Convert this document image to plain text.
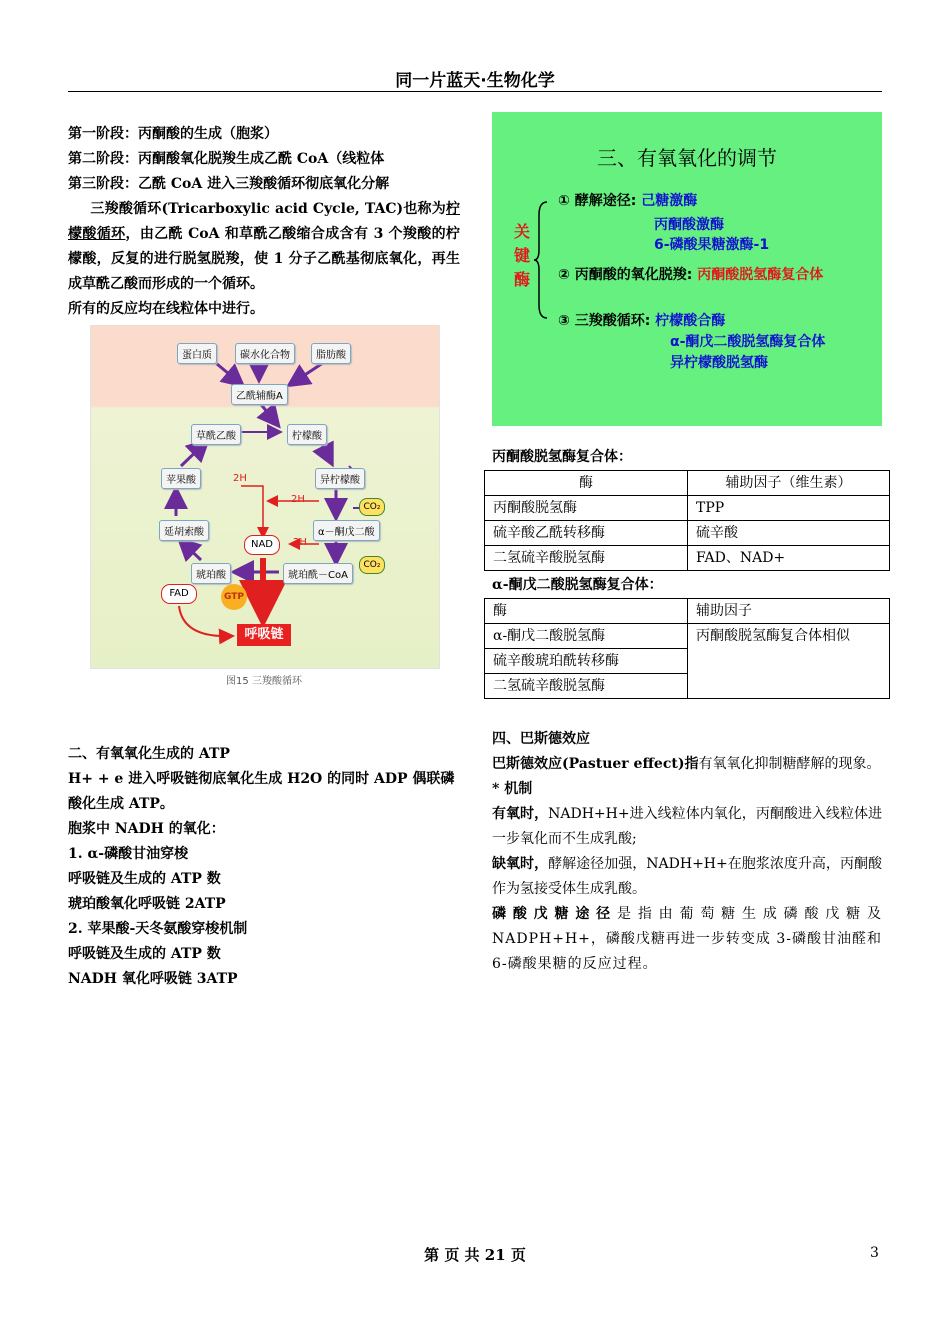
同一片蓝天·生物化学

第一阶段：丙酮酸的生成（胞浆）

第二阶段：丙酮酸氧化脱羧生成乙酰 CoA（线粒体

第三阶段：乙酰 CoA 进入三羧酸循环彻底氧化分解

三羧酸循环(Tricarboxylic acid Cycle, TAC)也称为柠檬酸循环，由乙酰 CoA 和草酰乙酸缩合成含有 3 个羧酸的柠檬酸，反复的进行脱氢脱羧，使 1 分子乙酰基彻底氧化，再生成草酰乙酸而形成的一个循环。

所有的反应均在线粒体中进行。

蛋白质	碳水化合物	脂肪酸
乙酰辅酶A
草酰乙酸	柠檬酸
苹果酸	异柠檬酸
延胡索酸	α－酮戊二酸
琥珀酸	琥珀酰－CoA
2H
2H
2H
NAD
FAD	GTP
CO₂
CO₂
呼吸链
图15 三羧酸循环

二、有氧氧化生成的 ATP

H+ + e 进入呼吸链彻底氧化生成 H2O 的同时 ADP 偶联磷酸化生成 ATP。

胞浆中 NADH 的氧化：

1. α-磷酸甘油穿梭

呼吸链及生成的 ATP 数

琥珀酸氧化呼吸链 2ATP

2. 苹果酸-天冬氨酸穿梭机制

呼吸链及生成的 ATP 数

NADH 氧化呼吸链 3ATP

三、有氧氧化的调节
关
键
酶
① 酵解途径: 己糖激酶
丙酮酸激酶
6-磷酸果糖激酶-1
② 丙酮酸的氧化脱羧: 丙酮酸脱氢酶复合体
③ 三羧酸循环: 柠檬酸合酶
α-酮戊二酸脱氢酶复合体
异柠檬酸脱氢酶
丙酮酸脱氢酶复合体：
酶	辅助因子（维生素）
丙酮酸脱氢酶	TPP
硫辛酸乙酰转移酶	硫辛酸
二氢硫辛酸脱氢酶	FAD、NAD+
α-酮戊二酸脱氢酶复合体：
酶	辅助因子
α-酮戊二酸脱氢酶	丙酮酸脱氢酶复合体相似
硫辛酸琥珀酰转移酶	
二氢硫辛酸脱氢酶	

四、巴斯德效应

巴斯德效应(Pastuer effect)指有氧氧化抑制糖酵解的现象。

* 机制

有氧时，NADH+H+进入线粒体内氧化，丙酮酸进入线粒体进一步氧化而不生成乳酸;

缺氧时，酵解途径加强，NADH+H+在胞浆浓度升高，丙酮酸作为氢接受体生成乳酸。

磷酸戊糖途径是指由葡萄糖生成磷酸戊糖及NADPH+H+，磷酸戊糖再进一步转变成 3-磷酸甘油醛和 6-磷酸果糖的反应过程。

第 页 共 21 页	3
